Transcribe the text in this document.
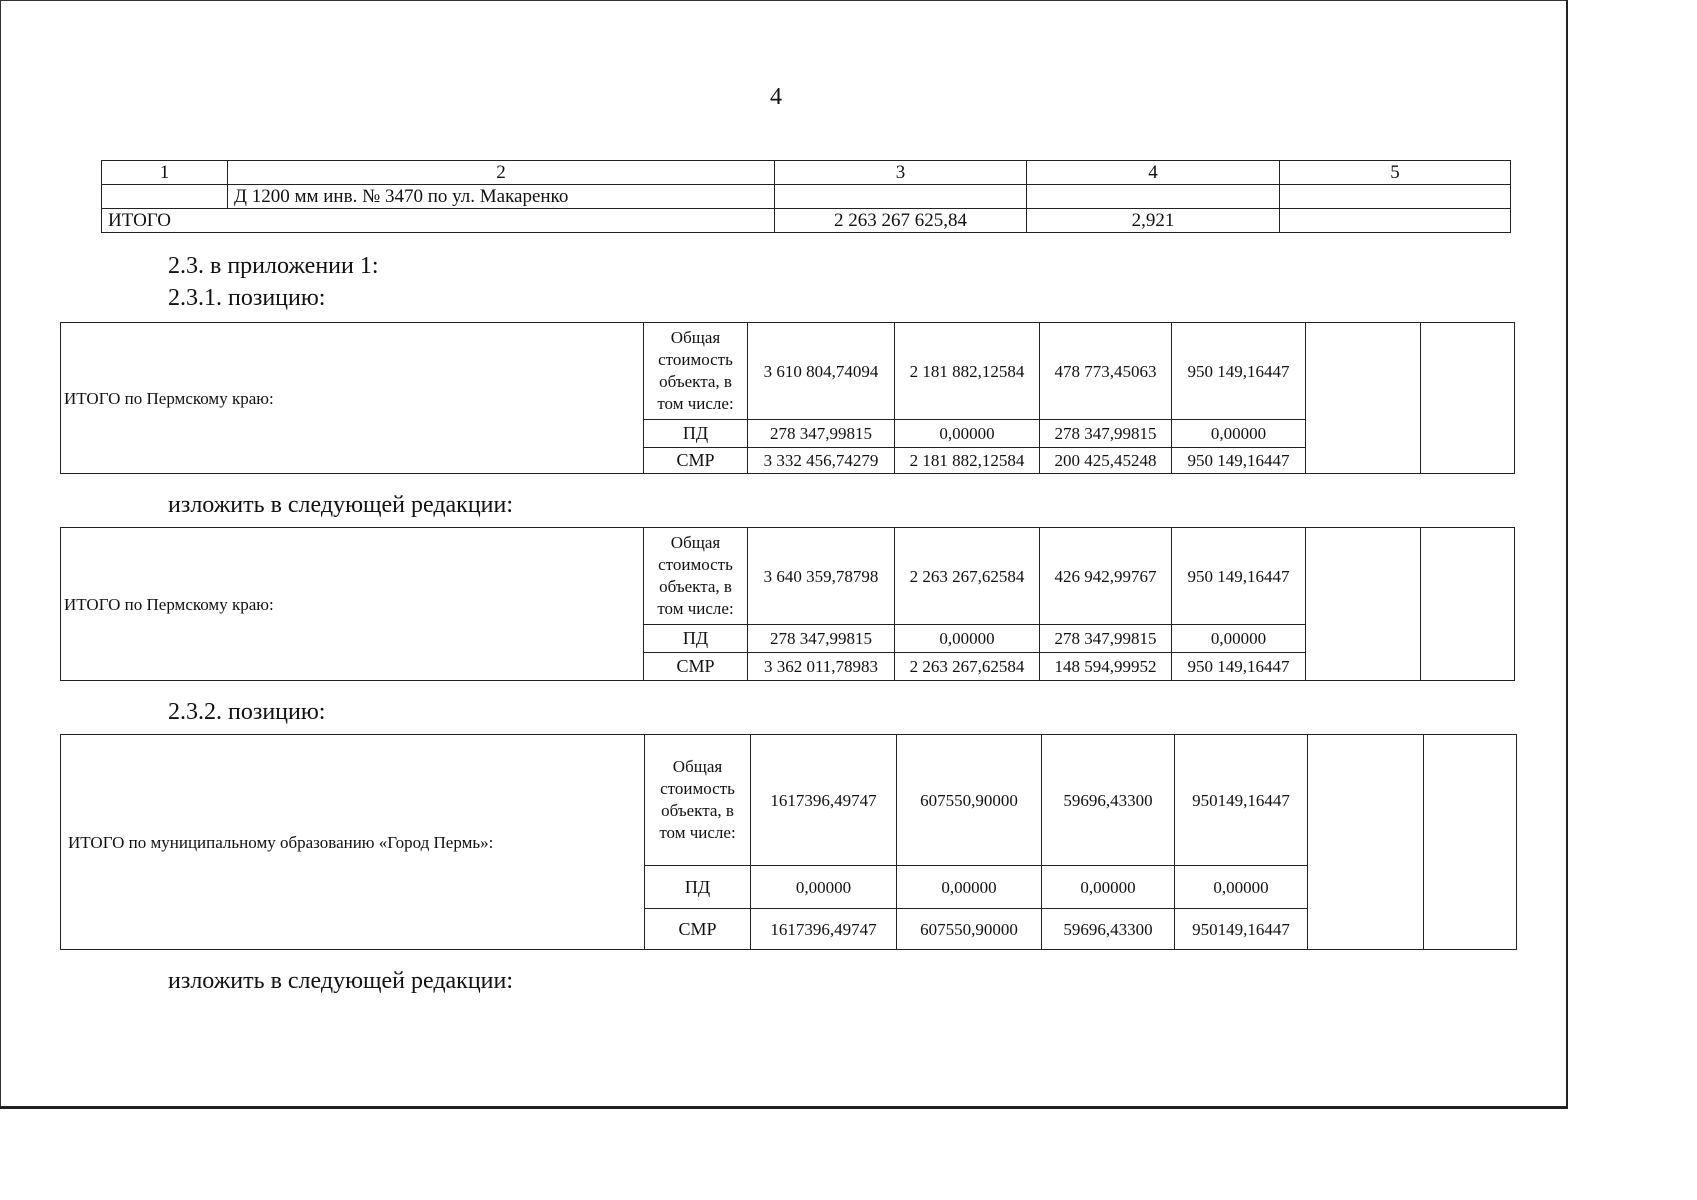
4
1	2	3	4	5
	Д 1200 мм инв. № 3470 по ул. Макаренко			
ИТОГО		2 263 267 625,84	2,921	
2.3. в приложении 1:
2.3.1. позицию:
ИТОГО по Пермскому краю:	Общая стоимость объекта, в том числе:	3 610 804,74094	2 181 882,12584	478 773,45063	950 149,16447		
	ПД	278 347,99815	0,00000	278 347,99815	0,00000		
	СМР	3 332 456,74279	2 181 882,12584	200 425,45248	950 149,16447		
изложить в следующей редакции:
ИТОГО по Пермскому краю:	Общая стоимость объекта, в том числе:	3 640 359,78798	2 263 267,62584	426 942,99767	950 149,16447		
	ПД	278 347,99815	0,00000	278 347,99815	0,00000		
	СМР	3 362 011,78983	2 263 267,62584	148 594,99952	950 149,16447		
2.3.2. позицию:
ИТОГО по муниципальному образованию «Город Пермь»:	Общая стоимость объекта, в том числе:	1617396,49747	607550,90000	59696,43300	950149,16447		
	ПД	0,00000	0,00000	0,00000	0,00000		
	СМР	1617396,49747	607550,90000	59696,43300	950149,16447		
изложить в следующей редакции:
